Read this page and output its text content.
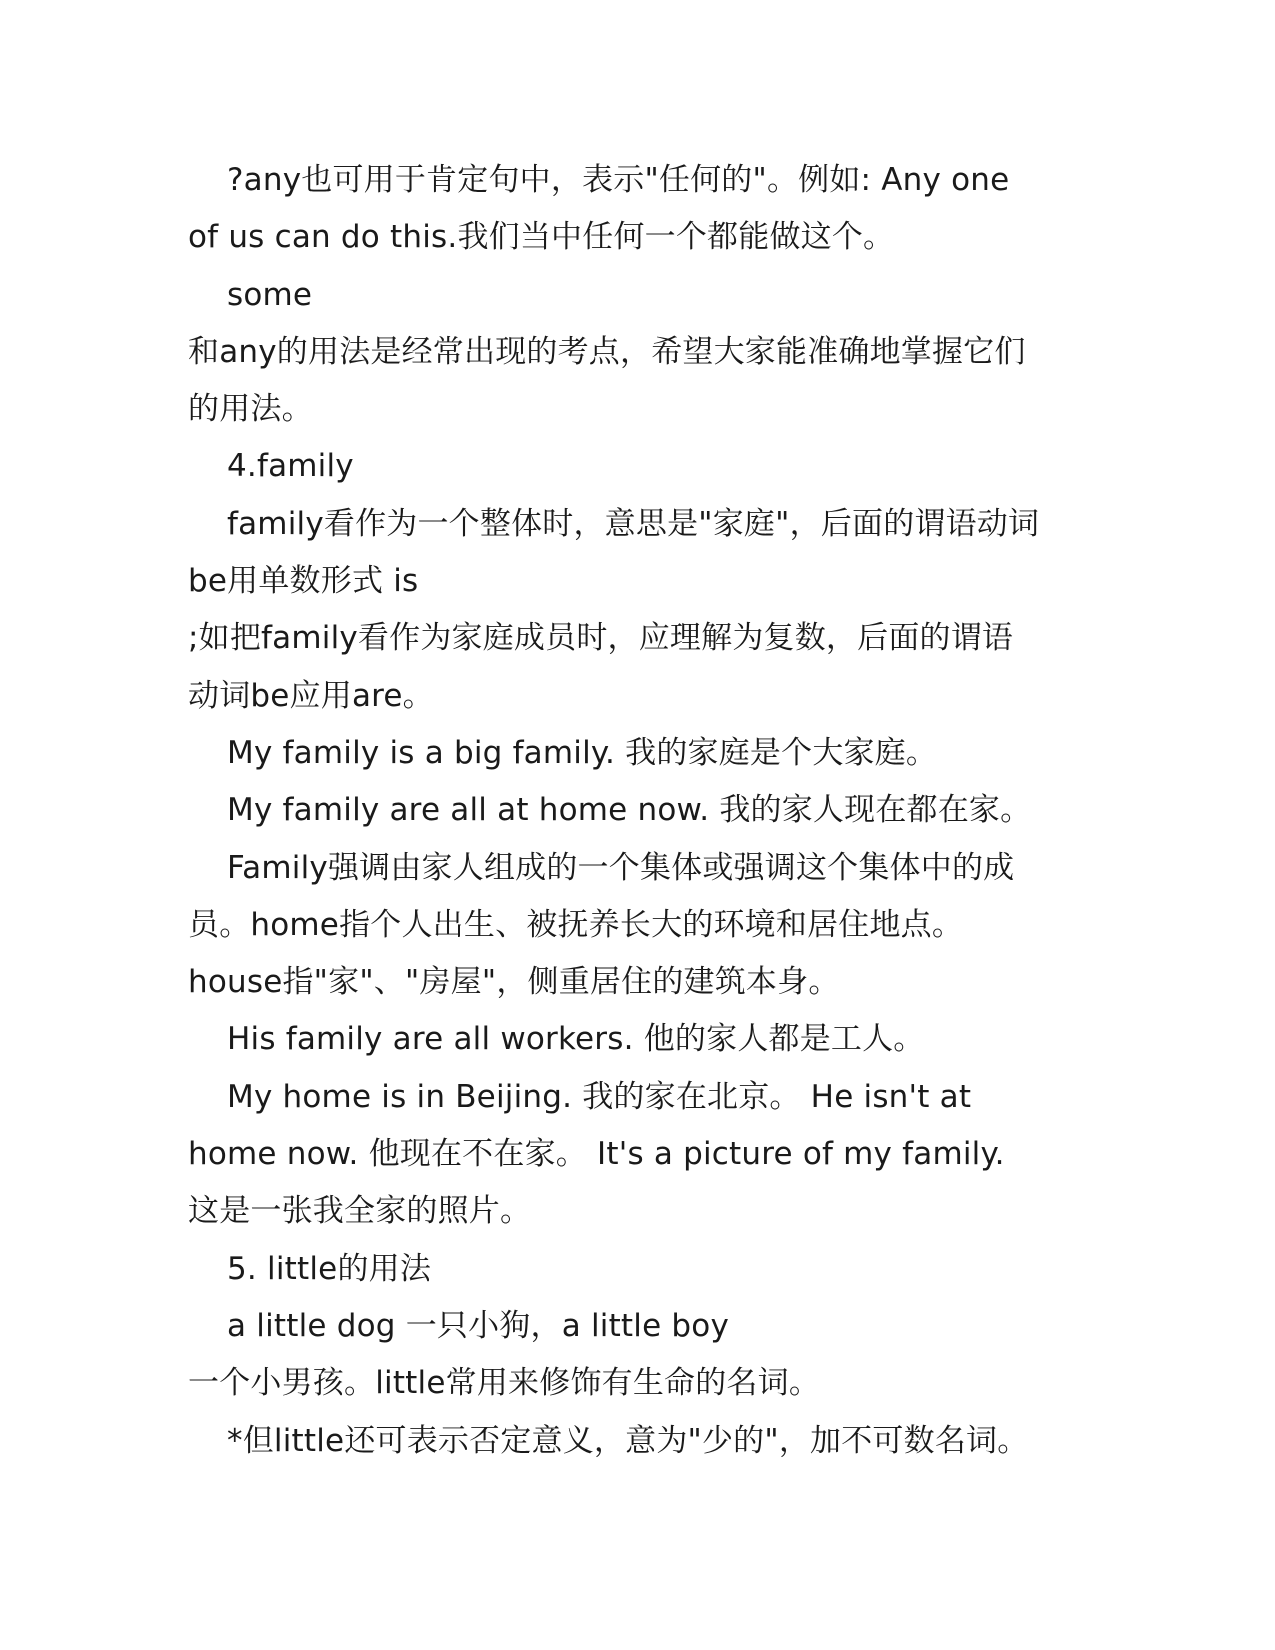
?any也可用于肯定句中，表示"任何的"。例如: Any one
of us can do this.我们当中任何一个都能做这个。
some
和any的用法是经常出现的考点，希望大家能准确地掌握它们
的用法。
4.family
family看作为一个整体时，意思是"家庭"，后面的谓语动词
be用单数形式 is
;如把family看作为家庭成员时，应理解为复数，后面的谓语
动词be应用are。
My family is a big family. 我的家庭是个大家庭。
My family are all at home now. 我的家人现在都在家。
Family强调由家人组成的一个集体或强调这个集体中的成
员。home指个人出生、被抚养长大的环境和居住地点。
house指"家"、"房屋"，侧重居住的建筑本身。
His family are all workers. 他的家人都是工人。
My home is in Beijing. 我的家在北京。 He isn't at
home now. 他现在不在家。 It's a picture of my family.
这是一张我全家的照片。
5. little的用法
a little dog 一只小狗，a little boy
一个小男孩。little常用来修饰有生命的名词。
*但little还可表示否定意义，意为"少的"，加不可数名词。
